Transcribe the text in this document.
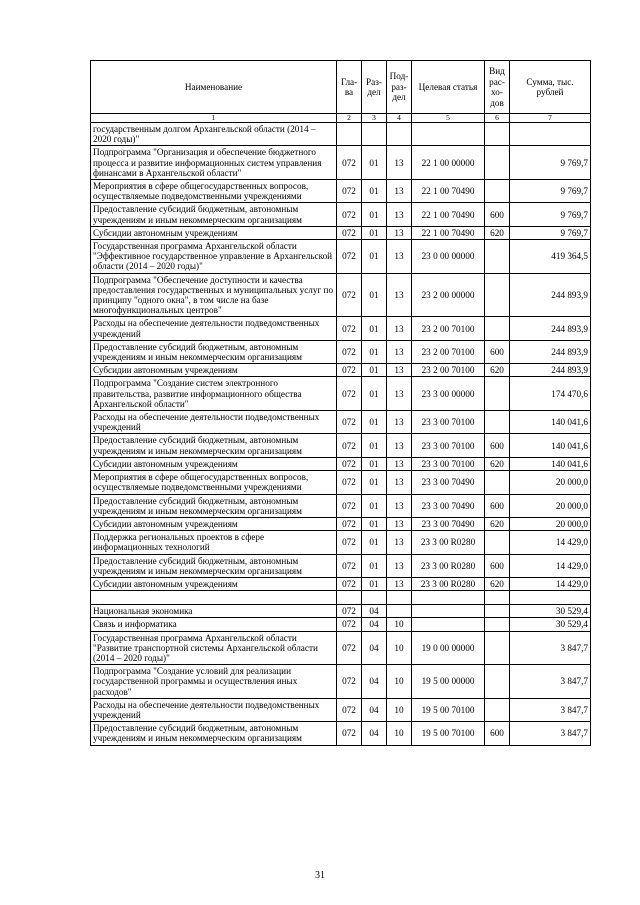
Наименование	Гла-ва	Раз-дел	Под-раз-дел	Целевая статья	Вид рас-хо-дов	Сумма, тыс. рублей
1	2	3	4	5	6	7
государственным долгом Архангельской области (2014 – 2020 годы)"						
Подпрограмма "Организация и обеспечение бюджетного процесса и развитие информационных систем управления финансами в Архангельской области"	072	01	13	22 1 00 00000		9 769,7
Мероприятия в сфере общегосударственных вопросов, осуществляемые подведомственными учреждениями	072	01	13	22 1 00 70490		9 769,7
Предоставление субсидий бюджетным, автономным учреждениям и иным некоммерческим организациям	072	01	13	22 1 00 70490	600	9 769,7
Субсидии автономным учреждениям	072	01	13	22 1 00 70490	620	9 769,7
Государственная программа Архангельской области "Эффективное государственное управление в Архангельской области (2014 – 2020 годы)"	072	01	13	23 0 00 00000		419 364,5
Подпрограмма "Обеспечение доступности и качества предоставления государственных и муниципальных услуг по принципу "одного окна", в том числе на базе многофункциональных центров"	072	01	13	23 2 00 00000		244 893,9
Расходы на обеспечение деятельности подведомственных учреждений	072	01	13	23 2 00 70100		244 893,9
Предоставление субсидий бюджетным, автономным учреждениям и иным некоммерческим организациям	072	01	13	23 2 00 70100	600	244 893,9
Субсидии автономным учреждениям	072	01	13	23 2 00 70100	620	244 893,9
Подпрограмма "Создание систем электронного правительства, развитие информационного общества Архангельской области"	072	01	13	23 3 00 00000		174 470,6
Расходы на обеспечение деятельности подведомственных учреждений	072	01	13	23 3 00 70100		140 041,6
Предоставление субсидий бюджетным, автономным учреждениям и иным некоммерческим организациям	072	01	13	23 3 00 70100	600	140 041,6
Субсидии автономным учреждениям	072	01	13	23 3 00 70100	620	140 041,6
Мероприятия в сфере общегосударственных вопросов, осуществляемые подведомственными учреждениями	072	01	13	23 3 00 70490		20 000,0
Предоставление субсидий бюджетным, автономным учреждениям и иным некоммерческим организациям	072	01	13	23 3 00 70490	600	20 000,0
Субсидии автономным учреждениям	072	01	13	23 3 00 70490	620	20 000,0
Поддержка региональных проектов в сфере информационных технологий	072	01	13	23 3 00 R0280		14 429,0
Предоставление субсидий бюджетным, автономным учреждениям и иным некоммерческим организациям	072	01	13	23 3 00 R0280	600	14 429,0
Субсидии автономным учреждениям	072	01	13	23 3 00 R0280	620	14 429,0

Национальная экономика	072	04				30 529,4
Связь и информатика	072	04	10			30 529,4
Государственная программа Архангельской области "Развитие транспортной системы Архангельской области (2014 – 2020 годы)"	072	04	10	19 0 00 00000		3 847,7
Подпрограмма "Создание условий для реализации государственной программы и осуществления иных расходов"	072	04	10	19 5 00 00000		3 847,7
Расходы на обеспечение деятельности подведомственных учреждений	072	04	10	19 5 00 70100		3 847,7
Предоставление субсидий бюджетным, автономным учреждениям и иным некоммерческим организациям	072	04	10	19 5 00 70100	600	3 847,7
31
